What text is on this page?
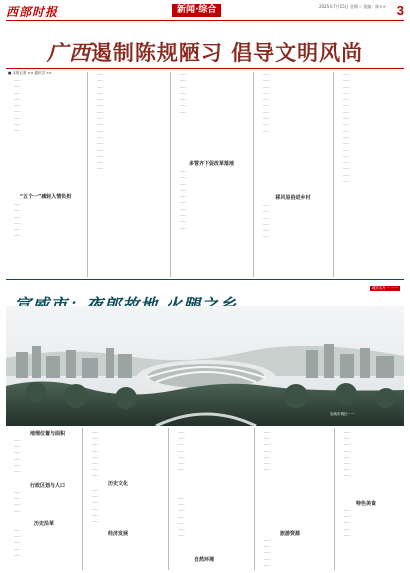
西部时报	新闻·综合	2025年7月15日 星期二 责编：陈×× 3
广西遏制陈规陋习 倡导文明风尚
■ 本报记者 ×× 通讯员 ××

……

……

……

……

……

……

……

……

……

“五个一”减轻人情负担

……

……

……

……

……

……

……

……

……

……

……

……

……

……

……

……

……

……

……

……

……

……

……

……

……

……

……

……

……

多管齐下促改革落地

……

……

……

……

……

……

……

……

……

……

……

……

……

……

……

……

……

……

……

……

移风易俗进乡村

……

……

……

……

……

……

……

……

……

……

……

……

……

……

……

……

……

……

……

……

……

……

……

……

城市名片 ··· ······
宣威市城区·······
地理位置与面积

……

……

……

……

……

……

行政区划与人口

……

……

……

……

历史沿革

……

……

……

……

……

……

……

……

……

……

……

……

……

历史文化

……

……

……

……

……

……

经济发展

……

……

……

……

……

……

……

……

……

……

……

……

……

……

自然环境

……

……

……

……

……

……

……

旅游资源

……

……

……

……

……

……

……

……

……

……

……

……

……

特色美食

……

……

……

……

……
